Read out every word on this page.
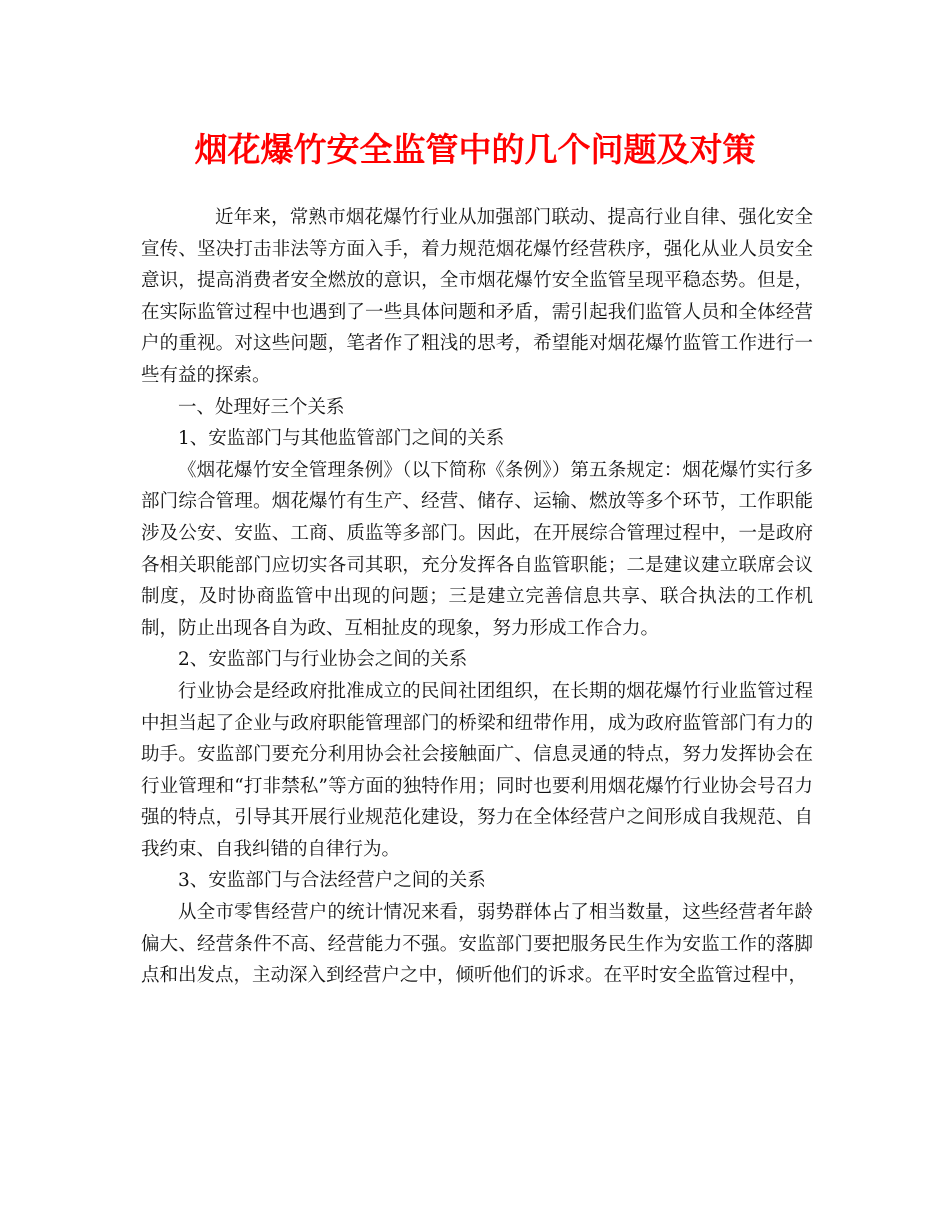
烟花爆竹安全监管中的几个问题及对策

近年来，常熟市烟花爆竹行业从加强部门联动、提高行业自律、强化安全宣传、坚决打击非法等方面入手，着力规范烟花爆竹经营秩序，强化从业人员安全意识，提高消费者安全燃放的意识，全市烟花爆竹安全监管呈现平稳态势。但是，在实际监管过程中也遇到了一些具体问题和矛盾，需引起我们监管人员和全体经营户的重视。对这些问题，笔者作了粗浅的思考，希望能对烟花爆竹监管工作进行一些有益的探索。

一、处理好三个关系

1、安监部门与其他监管部门之间的关系

《烟花爆竹安全管理条例》（以下简称《条例》）第五条规定：烟花爆竹实行多部门综合管理。烟花爆竹有生产、经营、储存、运输、燃放等多个环节，工作职能涉及公安、安监、工商、质监等多部门。因此，在开展综合管理过程中，一是政府各相关职能部门应切实各司其职，充分发挥各自监管职能；二是建议建立联席会议制度，及时协商监管中出现的问题；三是建立完善信息共享、联合执法的工作机制，防止出现各自为政、互相扯皮的现象，努力形成工作合力。

2、安监部门与行业协会之间的关系

行业协会是经政府批准成立的民间社团组织，在长期的烟花爆竹行业监管过程中担当起了企业与政府职能管理部门的桥梁和纽带作用，成为政府监管部门有力的助手。安监部门要充分利用协会社会接触面广、信息灵通的特点，努力发挥协会在行业管理和“打非禁私”等方面的独特作用；同时也要利用烟花爆竹行业协会号召力强的特点，引导其开展行业规范化建设，努力在全体经营户之间形成自我规范、自我约束、自我纠错的自律行为。

3、安监部门与合法经营户之间的关系

从全市零售经营户的统计情况来看，弱势群体占了相当数量，这些经营者年龄偏大、经营条件不高、经营能力不强。安监部门要把服务民生作为安监工作的落脚点和出发点，主动深入到经营户之中，倾听他们的诉求。在平时安全监管过程中，
